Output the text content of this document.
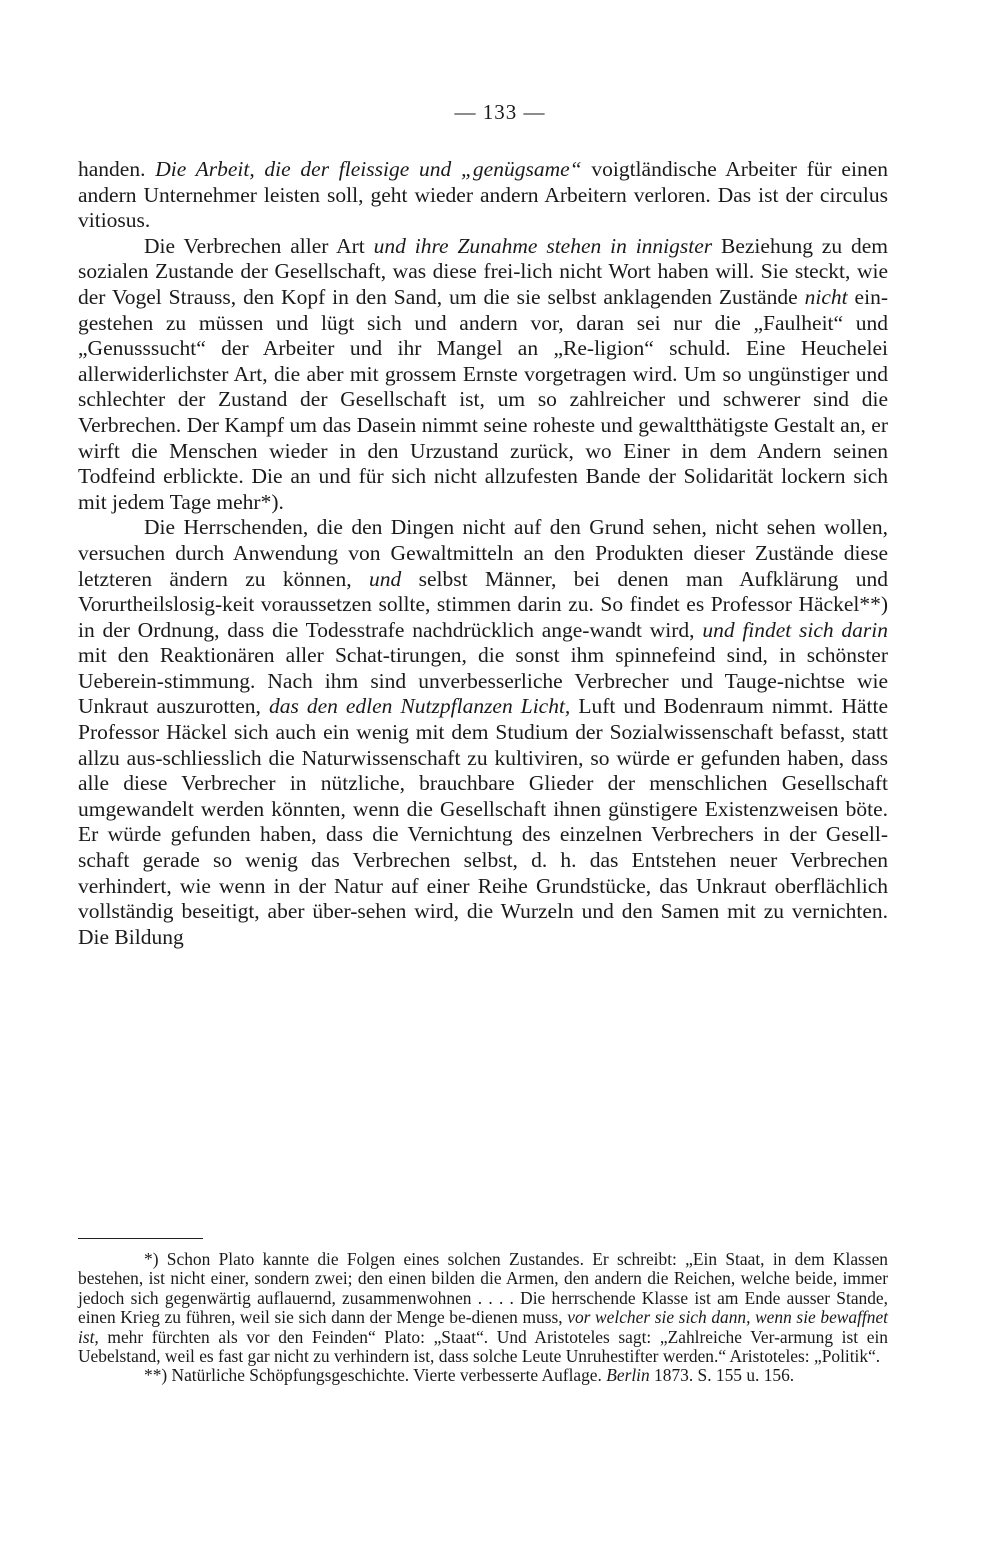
— 133 —

handen. Die Arbeit, die der fleissige und „genügsame“ voigtländische Arbeiter für einen andern Unternehmer leisten soll, geht wieder andern Arbeitern verloren. Das ist der circulus vitiosus.

Die Verbrechen aller Art und ihre Zunahme stehen in innigster Beziehung zu dem sozialen Zustande der Gesellschaft, was diese frei-lich nicht Wort haben will. Sie steckt, wie der Vogel Strauss, den Kopf in den Sand, um die sie selbst anklagenden Zustände nicht ein-gestehen zu müssen und lügt sich und andern vor, daran sei nur die „Faulheit“ und „Genusssucht“ der Arbeiter und ihr Mangel an „Re-ligion“ schuld. Eine Heuchelei allerwiderlichster Art, die aber mit grossem Ernste vorgetragen wird. Um so ungünstiger und schlechter der Zustand der Gesellschaft ist, um so zahlreicher und schwerer sind die Verbrechen. Der Kampf um das Dasein nimmt seine roheste und gewaltthätigste Gestalt an, er wirft die Menschen wieder in den Urzustand zurück, wo Einer in dem Andern seinen Todfeind erblickte. Die an und für sich nicht allzufesten Bande der Solidarität lockern sich mit jedem Tage mehr*).

Die Herrschenden, die den Dingen nicht auf den Grund sehen, nicht sehen wollen, versuchen durch Anwendung von Gewaltmitteln an den Produkten dieser Zustände diese letzteren ändern zu können, und selbst Männer, bei denen man Aufklärung und Vorurtheilslosig-keit voraussetzen sollte, stimmen darin zu. So findet es Professor Häckel**) in der Ordnung, dass die Todesstrafe nachdrücklich ange-wandt wird, und findet sich darin mit den Reaktionären aller Schat-tirungen, die sonst ihm spinnefeind sind, in schönster Ueberein-stimmung. Nach ihm sind unverbesserliche Verbrecher und Tauge-nichtse wie Unkraut auszurotten, das den edlen Nutzpflanzen Licht, Luft und Bodenraum nimmt. Hätte Professor Häckel sich auch ein wenig mit dem Studium der Sozialwissenschaft befasst, statt allzu aus-schliesslich die Naturwissenschaft zu kultiviren, so würde er gefunden haben, dass alle diese Verbrecher in nützliche, brauchbare Glieder der menschlichen Gesellschaft umgewandelt werden könnten, wenn die Gesellschaft ihnen günstigere Existenzweisen böte. Er würde gefunden haben, dass die Vernichtung des einzelnen Verbrechers in der Gesell-schaft gerade so wenig das Verbrechen selbst, d. h. das Entstehen neuer Verbrechen verhindert, wie wenn in der Natur auf einer Reihe Grundstücke, das Unkraut oberflächlich vollständig beseitigt, aber über-sehen wird, die Wurzeln und den Samen mit zu vernichten. Die Bildung

*) Schon Plato kannte die Folgen eines solchen Zustandes. Er schreibt: „Ein Staat, in dem Klassen bestehen, ist nicht einer, sondern zwei; den einen bilden die Armen, den andern die Reichen, welche beide, immer jedoch sich gegenwärtig auflauernd, zusammenwohnen . . . . Die herrschende Klasse ist am Ende ausser Stande, einen Krieg zu führen, weil sie sich dann der Menge be-dienen muss, vor welcher sie sich dann, wenn sie bewaffnet ist, mehr fürchten als vor den Feinden“ Plato: „Staat“. Und Aristoteles sagt: „Zahlreiche Ver-armung ist ein Uebelstand, weil es fast gar nicht zu verhindern ist, dass solche Leute Unruhestifter werden.“ Aristoteles: „Politik“.

**) Natürliche Schöpfungsgeschichte. Vierte verbesserte Auflage. Berlin 1873. S. 155 u. 156.
